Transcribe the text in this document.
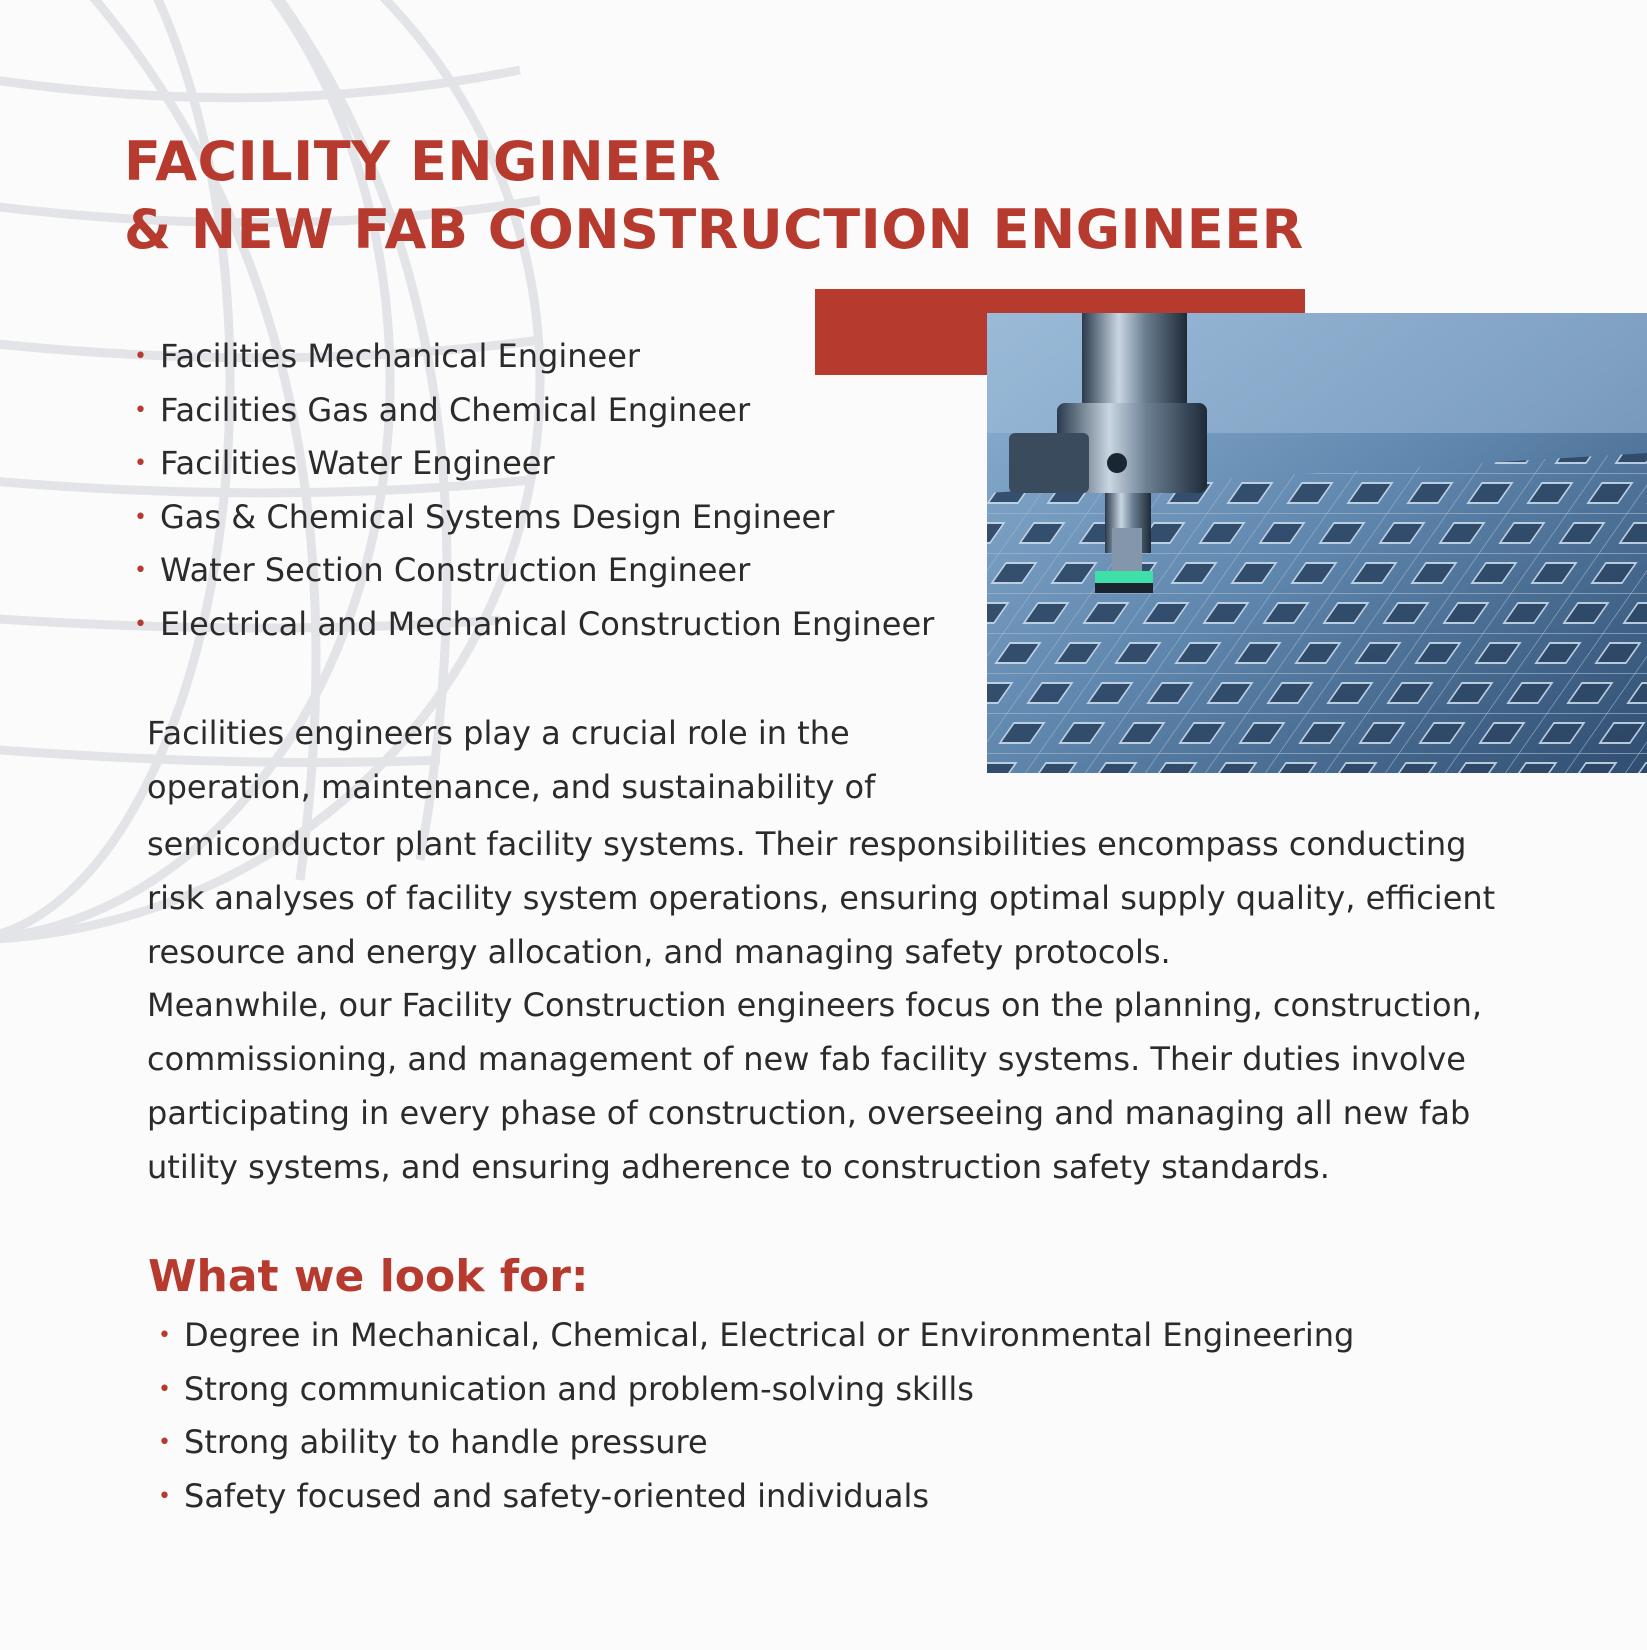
FACILITY ENGINEER
& NEW FAB CONSTRUCTION ENGINEER
• Facilities Mechanical Engineer
• Facilities Gas and Chemical Engineer
• Facilities Water Engineer
• Gas & Chemical Systems Design Engineer
• Water Section Construction Engineer
• Electrical and Mechanical Construction Engineer
Facilities engineers play a crucial role in the
operation, maintenance, and sustainability of
semiconductor plant facility systems. Their responsibilities encompass conducting
risk analyses of facility system operations, ensuring optimal supply quality, efficient
resource and energy allocation, and managing safety protocols.
Meanwhile, our Facility Construction engineers focus on the planning, construction,
commissioning, and management of new fab facility systems. Their duties involve
participating in every phase of construction, overseeing and managing all new fab
utility systems, and ensuring adherence to construction safety standards.
What we look for:
• Degree in Mechanical, Chemical, Electrical or Environmental Engineering
• Strong communication and problem-solving skills
• Strong ability to handle pressure
• Safety focused and safety-oriented individuals
